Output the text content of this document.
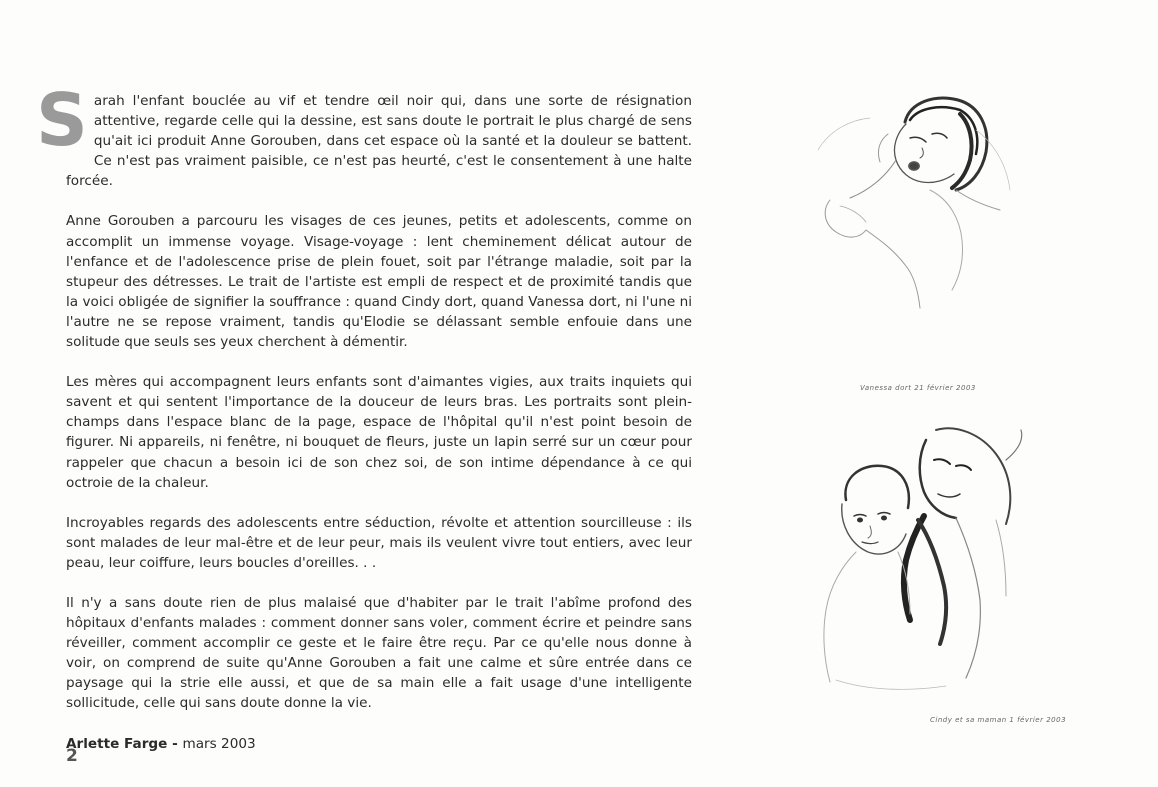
Sarah l'enfant bouclée au vif et tendre œil noir qui, dans une sorte de résignation attentive, regarde celle qui la dessine, est sans doute le portrait le plus chargé de sens qu'ait ici produit Anne Gorouben, dans cet espace où la santé et la douleur se battent. Ce n'est pas vraiment paisible, ce n'est pas heurté, c'est le consentement à une halte forcée.

Anne Gorouben a parcouru les visages de ces jeunes, petits et adolescents, comme on accomplit un immense voyage. Visage-voyage : lent cheminement délicat autour de l'enfance et de l'adolescence prise de plein fouet, soit par l'étrange maladie, soit par la stupeur des détresses. Le trait de l'artiste est empli de respect et de proximité tandis que la voici obligée de signifier la souffrance : quand Cindy dort, quand Vanessa dort, ni l'une ni l'autre ne se repose vraiment, tandis qu'Elodie se délassant semble enfouie dans une solitude que seuls ses yeux cherchent à démentir.

Les mères qui accompagnent leurs enfants sont d'aimantes vigies, aux traits inquiets qui savent et qui sentent l'importance de la douceur de leurs bras. Les portraits sont plein-champs dans l'espace blanc de la page, espace de l'hôpital qu'il n'est point besoin de figurer. Ni appareils, ni fenêtre, ni bouquet de fleurs, juste un lapin serré sur un cœur pour rappeler que chacun a besoin ici de son chez soi, de son intime dépendance à ce qui octroie de la chaleur.

Incroyables regards des adolescents entre séduction, révolte et attention sourcilleuse : ils sont malades de leur mal-être et de leur peur, mais ils veulent vivre tout entiers, avec leur peau, leur coiffure, leurs boucles d'oreilles. . .

Il n'y a sans doute rien de plus malaisé que d'habiter par le trait l'abîme profond des hôpitaux d'enfants malades : comment donner sans voler, comment écrire et peindre sans réveiller, comment accomplir ce geste et le faire être reçu. Par ce qu'elle nous donne à voir, on comprend de suite qu'Anne Gorouben a fait une calme et sûre entrée dans ce paysage qui la strie elle aussi, et que de sa main elle a fait usage d'une intelligente sollicitude, celle qui sans doute donne la vie.

Arlette Farge - mars 2003
2
Vanessa dort 21 février 2003
Cindy et sa maman 1 février 2003
